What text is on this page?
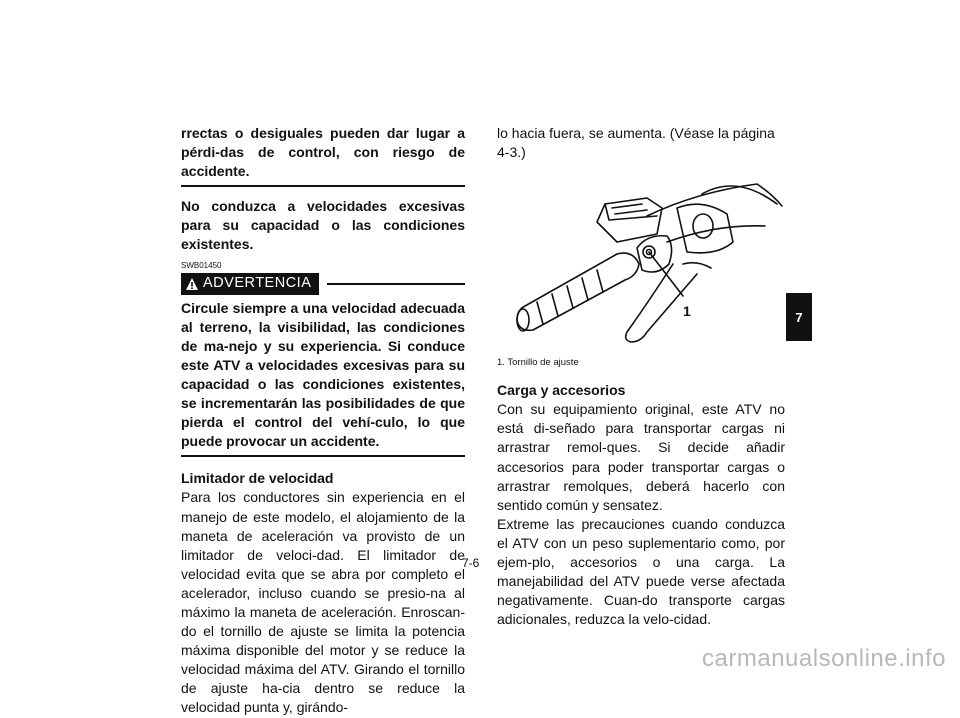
rrectas o desiguales pueden dar lugar a pérdi-das de control, con riesgo de accidente.
No conduzca a velocidades excesivas para su capacidad o las condiciones existentes.
SWB01450
ADVERTENCIA
Circule siempre a una velocidad adecuada al terreno, la visibilidad, las condiciones de ma-nejo y su experiencia. Si conduce este ATV a velocidades excesivas para su capacidad o las condiciones existentes, se incrementarán las posibilidades de que pierda el control del vehí-culo, lo que puede provocar un accidente.
Limitador de velocidad
Para los conductores sin experiencia en el manejo de este modelo, el alojamiento de la maneta de aceleración va provisto de un limitador de veloci-dad. El limitador de velocidad evita que se abra por completo el acelerador, incluso cuando se presio-na al máximo la maneta de aceleración. Enroscan-do el tornillo de ajuste se limita la potencia máxima disponible del motor y se reduce la velocidad máxima del ATV. Girando el tornillo de ajuste ha-cia dentro se reduce la velocidad punta y, girándo-
lo hacia fuera, se aumenta. (Véase la página 4-3.)
1
1. Tornillo de ajuste
Carga y accesorios
Con su equipamiento original, este ATV no está di-señado para transportar cargas ni arrastrar remol-ques. Si decide añadir accesorios para poder transportar cargas o arrastrar remolques, deberá hacerlo con sentido común y sensatez.
Extreme las precauciones cuando conduzca el ATV con un peso suplementario como, por ejem-plo, accesorios o una carga. La manejabilidad del ATV puede verse afectada negativamente. Cuan-do transporte cargas adicionales, reduzca la velo-cidad.
7-6
7
carmanualsonline.info
